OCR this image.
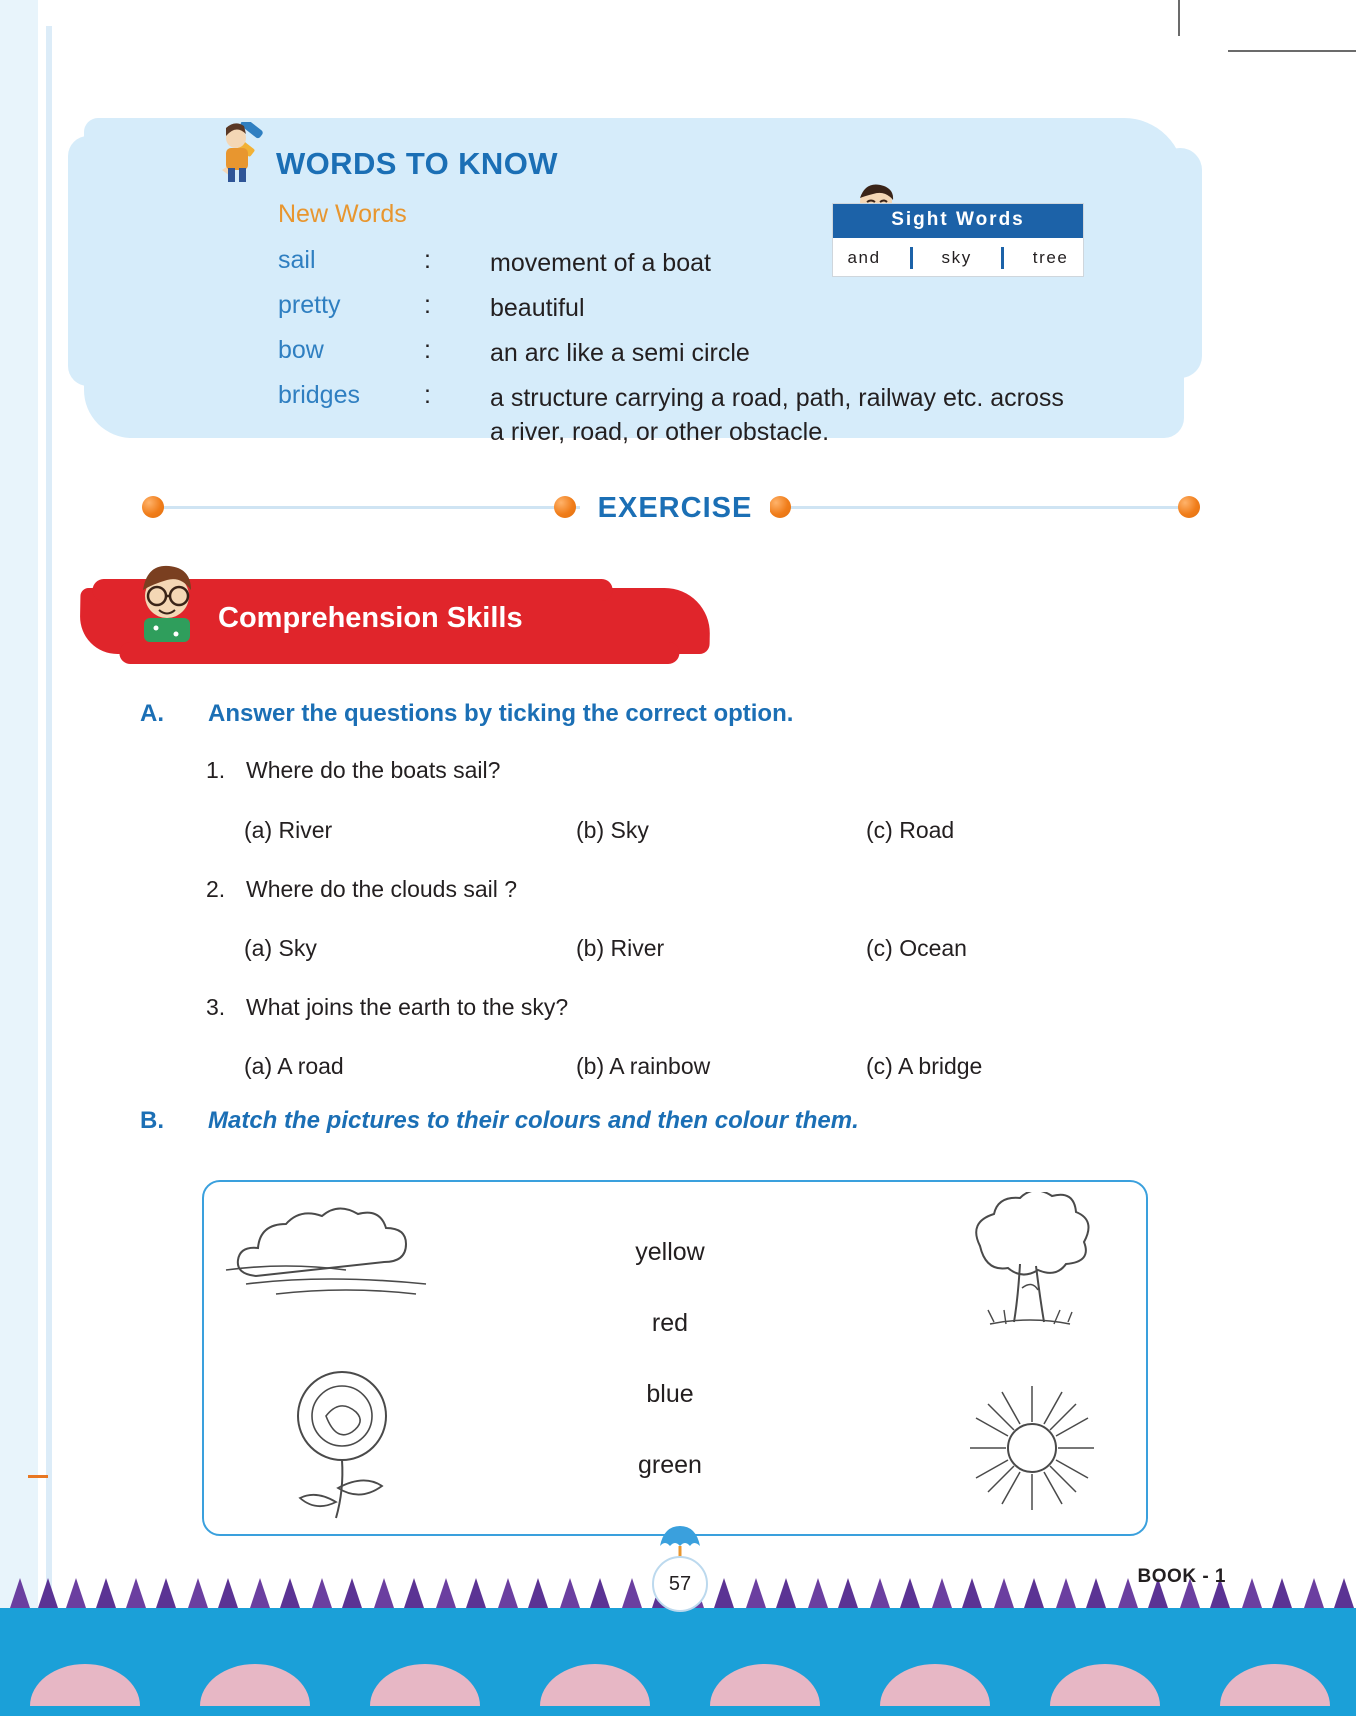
WORDS TO KNOW
New Words
sail	: movement of a boat
pretty	: beautiful
bow	: an arc like a semi circle
bridges	: a structure carrying a road, path, railway etc. across
a river, road, or other obstacle.
Sight Words
and	sky	tree
EXERCISE
Comprehension Skills
A. Answer the questions by ticking the correct option.
1. Where do the boats sail?
(a) River	(b) Sky	(c) Road
2. Where do the clouds sail ?
(a) Sky	(b) River	(c) Ocean
3. What joins the earth to the sky?
(a) A road	(b) A rainbow	(c) A bridge
B. Match the pictures to their colours and then colour them.
yellow
red
blue
green
57	BOOK - 1
